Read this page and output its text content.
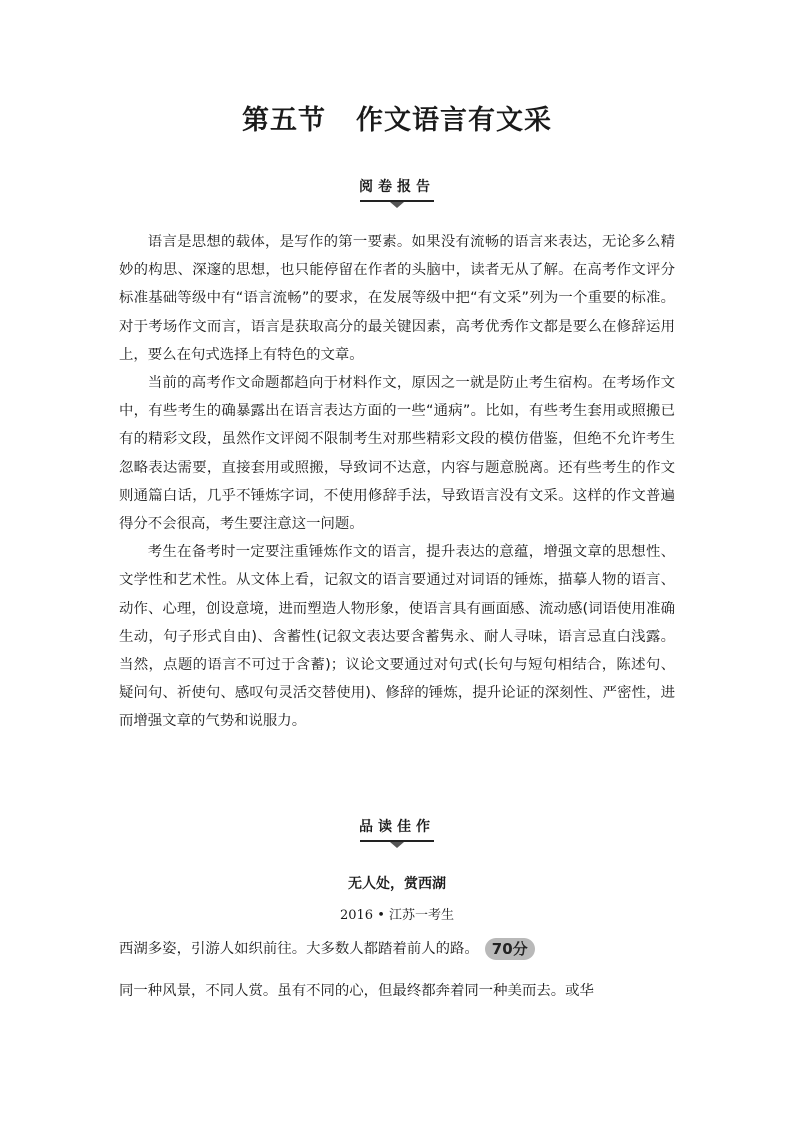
第五节 作文语言有文采
阅卷报告

语言是思想的载体，是写作的第一要素。如果没有流畅的语言来表达，无论多么精妙的构思、深邃的思想，也只能停留在作者的头脑中，读者无从了解。在高考作文评分标准基础等级中有“语言流畅”的要求，在发展等级中把“有文采”列为一个重要的标准。对于考场作文而言，语言是获取高分的最关键因素，高考优秀作文都是要么在修辞运用上，要么在句式选择上有特色的文章。

当前的高考作文命题都趋向于材料作文，原因之一就是防止考生宿构。在考场作文中，有些考生的确暴露出在语言表达方面的一些“通病”。比如，有些考生套用或照搬已有的精彩文段，虽然作文评阅不限制考生对那些精彩文段的模仿借鉴，但绝不允许考生忽略表达需要，直接套用或照搬，导致词不达意，内容与题意脱离。还有些考生的作文则通篇白话，几乎不锤炼字词，不使用修辞手法，导致语言没有文采。这样的作文普遍得分不会很高，考生要注意这一问题。

考生在备考时一定要注重锤炼作文的语言，提升表达的意蕴，增强文章的思想性、文学性和艺术性。从文体上看，记叙文的语言要通过对词语的锤炼，描摹人物的语言、动作、心理，创设意境，进而塑造人物形象，使语言具有画面感、流动感(词语使用准确生动，句子形式自由)、含蓄性(记叙文表达要含蓄隽永、耐人寻味，语言忌直白浅露。当然，点题的语言不可过于含蓄)；议论文要通过对句式(长句与短句相结合，陈述句、疑问句、祈使句、感叹句灵活交替使用)、修辞的锤炼，提升论证的深刻性、严密性，进而增强文章的气势和说服力。

品读佳作
无人处，赏西湖
2016 • 江苏一考生
西湖多姿，引游人如织前往。大多数人都踏着前人的路。 70分
同一种风景，不同人赏。虽有不同的心，但最终都奔着同一种美而去。或华
